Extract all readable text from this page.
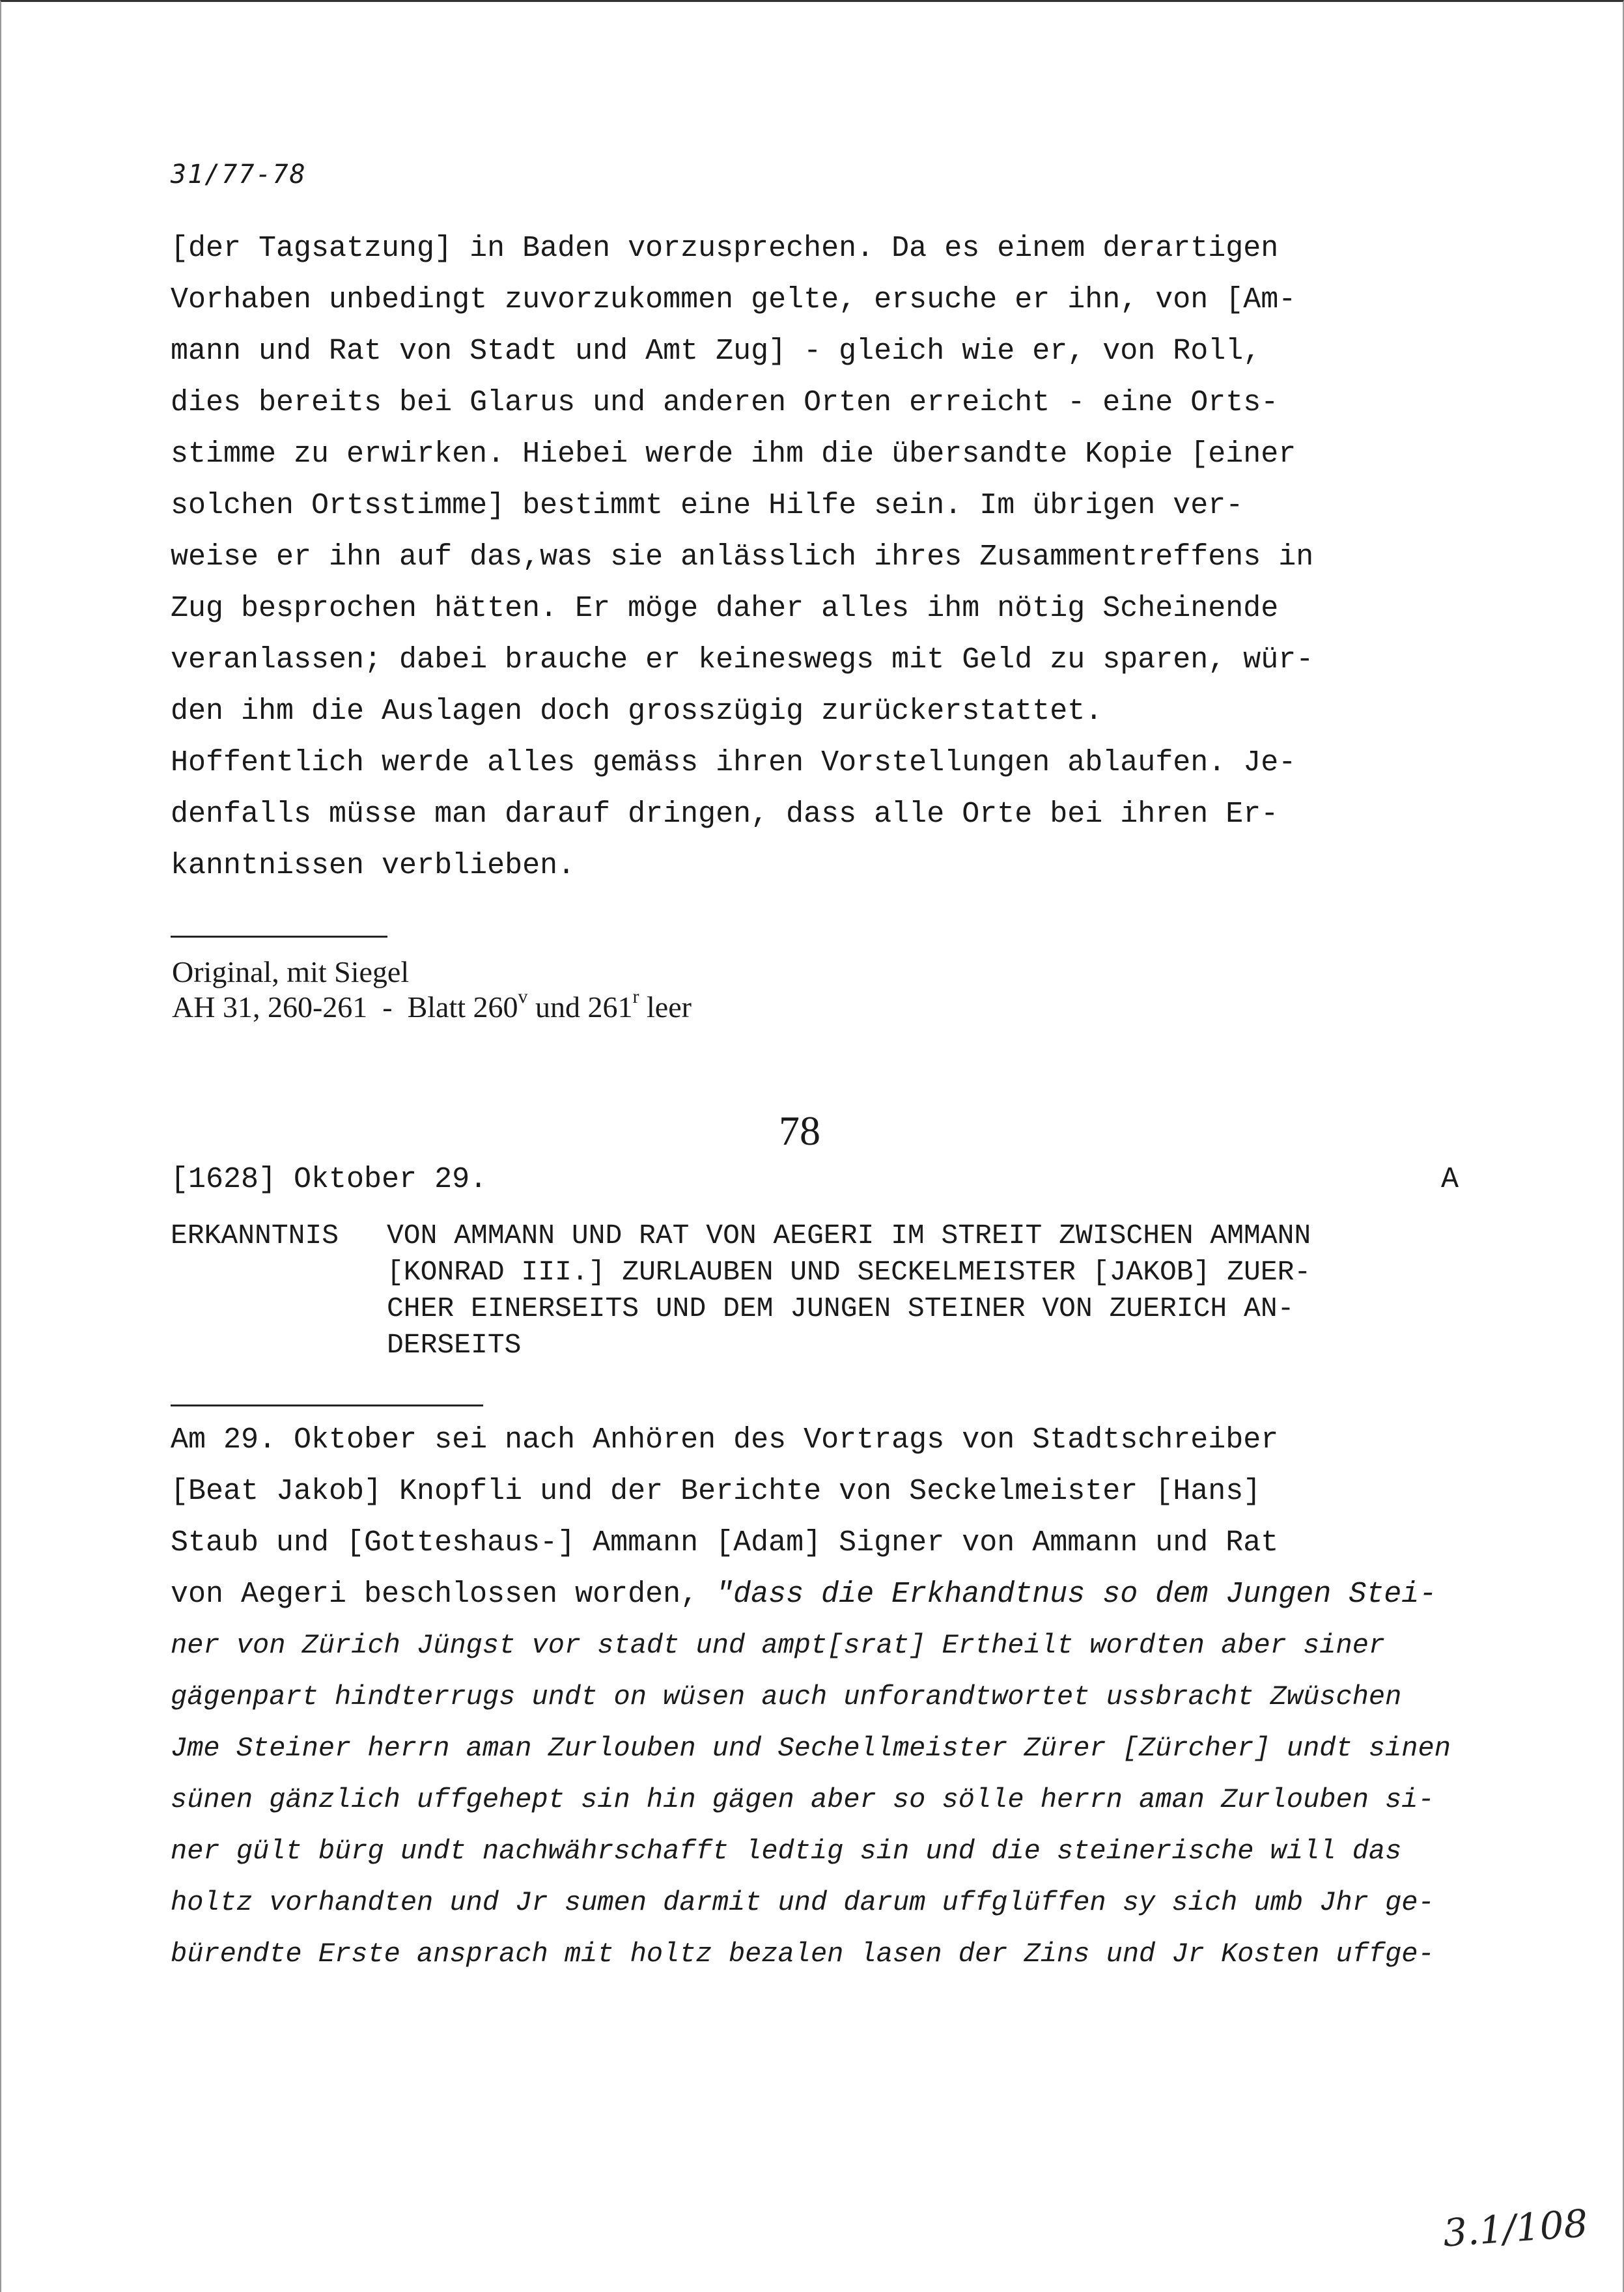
31/77-78
[der Tagsatzung] in Baden vorzusprechen. Da es einem derartigen
Vorhaben unbedingt zuvorzukommen gelte, ersuche er ihn, von [Am-
mann und Rat von Stadt und Amt Zug] - gleich wie er, von Roll,
dies bereits bei Glarus und anderen Orten erreicht - eine Orts-
stimme zu erwirken. Hiebei werde ihm die übersandte Kopie [einer
solchen Ortsstimme] bestimmt eine Hilfe sein. Im übrigen ver-
weise er ihn auf das,was sie anlässlich ihres Zusammentreffens in
Zug besprochen hätten. Er möge daher alles ihm nötig Scheinende
veranlassen; dabei brauche er keineswegs mit Geld zu sparen, wür-
den ihm die Auslagen doch grosszügig zurückerstattet.
Hoffentlich werde alles gemäss ihren Vorstellungen ablaufen. Je-
denfalls müsse man darauf dringen, dass alle Orte bei ihren Er-
kanntnissen verblieben.
Original, mit Siegel
AH 31, 260-261  -  Blatt 260$^v$ und 261$^r$ leer
78
[1628] Oktober 29.	A
ERKANNTNIS VON AMMANN UND RAT VON AEGERI IM STREIT ZWISCHEN AMMANN
[KONRAD III.] ZURLAUBEN UND SECKELMEISTER [JAKOB] ZUER-
CHER EINERSEITS UND DEM JUNGEN STEINER VON ZUERICH AN-
DERSEITS
Am 29. Oktober sei nach Anhören des Vortrags von Stadtschreiber
[Beat Jakob] Knopfli und der Berichte von Seckelmeister [Hans]
Staub und [Gotteshaus-] Ammann [Adam] Signer von Ammann und Rat
von Aegeri beschlossen worden, "dass die Erkhandtnus so dem Jungen Stei-
ner von Zürich Jüngst vor stadt und ampt[srat] Ertheilt wordten aber siner
gägenpart hindterrugs undt on wüsen auch unforandtwortet ussbracht Zwüschen
Jme Steiner herrn aman Zurlouben und Sechellmeister Zürer [Zürcher] undt sinen
sünen gänzlich uffgehept sin hin gägen aber so sölle herrn aman Zurlouben si-
ner gült bürg undt nachwährschafft ledtig sin und die steinerische will das
holtz vorhandten und Jr sumen darmit und darum uffglüffen sy sich umb Jhr ge-
bürendte Erste ansprach mit holtz bezalen lasen der Zins und Jr Kosten uffge-
3.1/108
